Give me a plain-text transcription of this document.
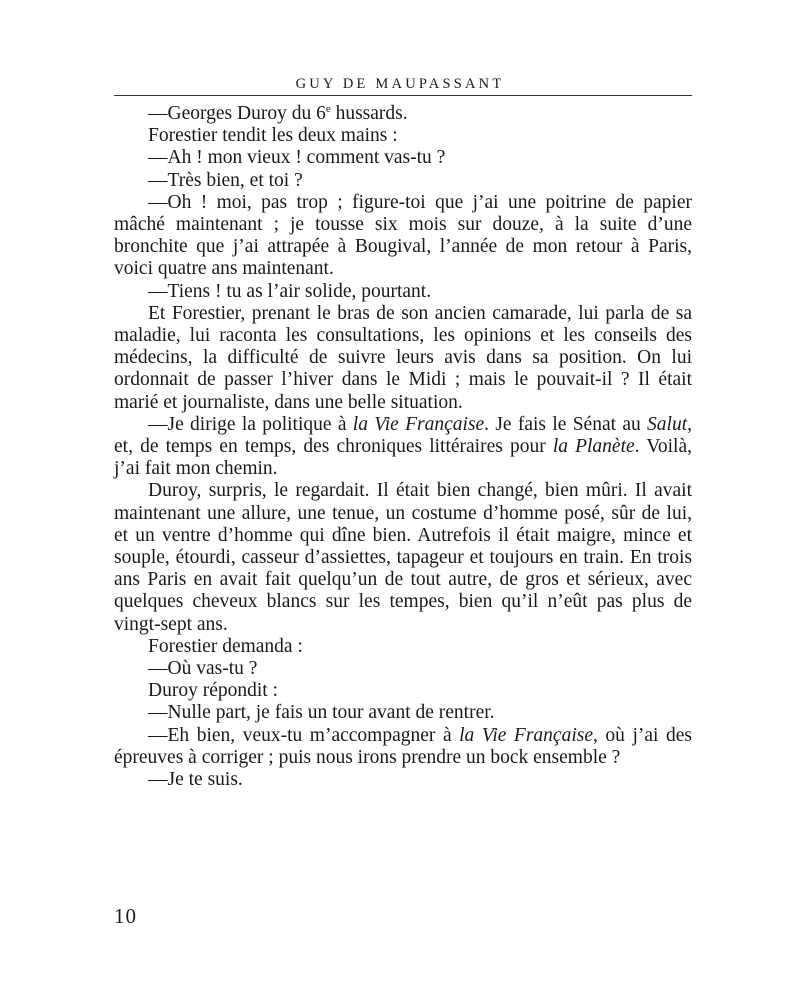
GUY DE MAUPASSANT

—Georges Duroy du 6e hussards.

Forestier tendit les deux mains :

—Ah ! mon vieux ! comment vas-tu ?

—Très bien, et toi ?

—Oh ! moi, pas trop ; figure-toi que j’ai une poitrine de papier mâché maintenant ; je tousse six mois sur douze, à la suite d’une bronchite que j’ai attrapée à Bougival, l’année de mon retour à Paris, voici quatre ans maintenant.

—Tiens ! tu as l’air solide, pourtant.

Et Forestier, prenant le bras de son ancien camarade, lui parla de sa maladie, lui raconta les consultations, les opinions et les conseils des médecins, la difficulté de suivre leurs avis dans sa position. On lui ordonnait de passer l’hiver dans le Midi ; mais le pouvait-il ? Il était marié et journaliste, dans une belle situation.

—Je dirige la politique à la Vie Française. Je fais le Sénat au Salut, et, de temps en temps, des chroniques littéraires pour la Planète. Voilà, j’ai fait mon chemin.

Duroy, surpris, le regardait. Il était bien changé, bien mûri. Il avait maintenant une allure, une tenue, un costume d’homme posé, sûr de lui, et un ventre d’homme qui dîne bien. Autrefois il était maigre, mince et souple, étourdi, casseur d’assiettes, tapageur et toujours en train. En trois ans Paris en avait fait quelqu’un de tout autre, de gros et sérieux, avec quelques cheveux blancs sur les tempes, bien qu’il n’eût pas plus de vingt-sept ans.

Forestier demanda :

—Où vas-tu ?

Duroy répondit :

—Nulle part, je fais un tour avant de rentrer.

—Eh bien, veux-tu m’accompagner à la Vie Française, où j’ai des épreuves à corriger ; puis nous irons prendre un bock ensemble ?

—Je te suis.

10
